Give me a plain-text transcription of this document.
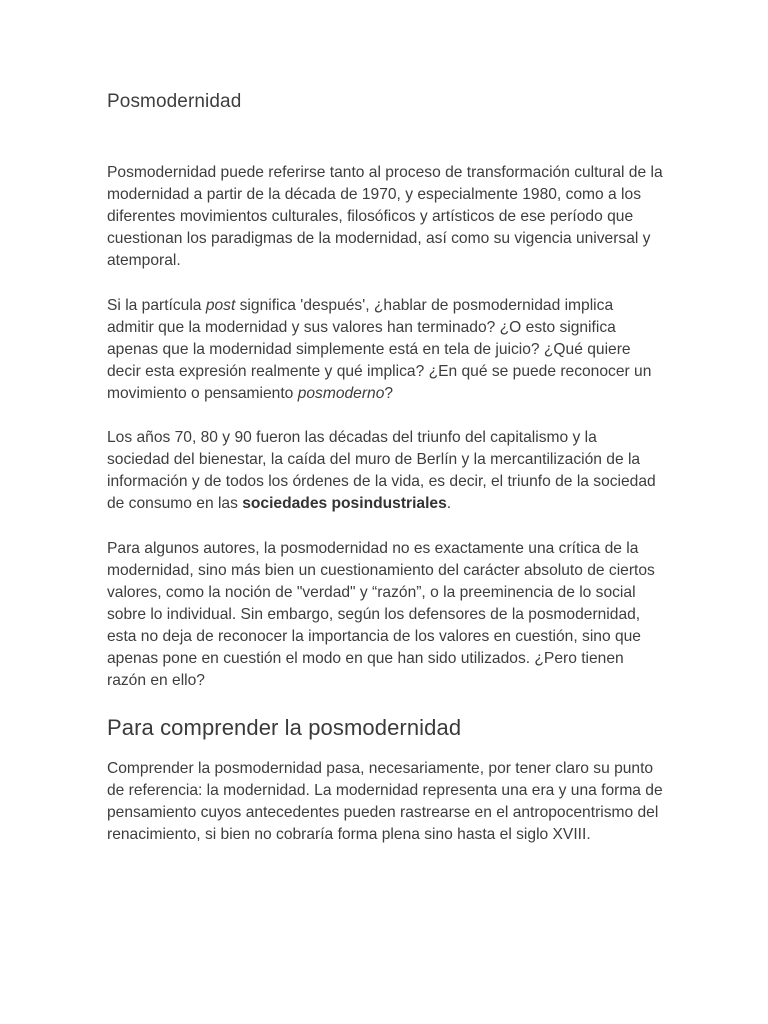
Posmodernidad

Posmodernidad puede referirse tanto al proceso de transformación cultural de la modernidad a partir de la década de 1970, y especialmente 1980, como a los diferentes movimientos culturales, filosóficos y artísticos de ese período que cuestionan los paradigmas de la modernidad, así como su vigencia universal y atemporal.

Si la partícula post significa 'después', ¿hablar de posmodernidad implica admitir que la modernidad y sus valores han terminado? ¿O esto significa apenas que la modernidad simplemente está en tela de juicio? ¿Qué quiere decir esta expresión realmente y qué implica? ¿En qué se puede reconocer un movimiento o pensamiento posmoderno?

Los años 70, 80 y 90 fueron las décadas del triunfo del capitalismo y la sociedad del bienestar, la caída del muro de Berlín y la mercantilización de la información y de todos los órdenes de la vida, es decir, el triunfo de la sociedad de consumo en las sociedades posindustriales.

Para algunos autores, la posmodernidad no es exactamente una crítica de la modernidad, sino más bien un cuestionamiento del carácter absoluto de ciertos valores, como la noción de "verdad" y “razón”, o la preeminencia de lo social sobre lo individual. Sin embargo, según los defensores de la posmodernidad, esta no deja de reconocer la importancia de los valores en cuestión, sino que apenas pone en cuestión el modo en que han sido utilizados. ¿Pero tienen razón en ello?

Para comprender la posmodernidad

Comprender la posmodernidad pasa, necesariamente, por tener claro su punto de referencia: la modernidad. La modernidad representa una era y una forma de pensamiento cuyos antecedentes pueden rastrearse en el antropocentrismo del renacimiento, si bien no cobraría forma plena sino hasta el siglo XVIII.
